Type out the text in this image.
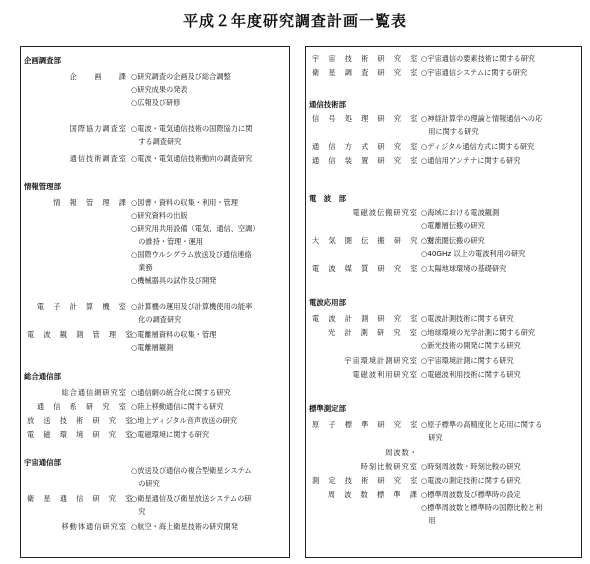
平成２年度研究調査計画一覧表
企画調査部
企　　画　　課 ○研究調査の企画及び総合調整
○研究成果の発表
○広報及び研修
国際協力調査室 ○電波・電気通信技術の国際協力に関
　する調査研究
通信技術調査室 ○電波・電気通信技術動向の調査研究
情報管理部
情　報　管　理　課 ○図書・資料の収集・利用・管理
○研究資料の出版
○研究用共用設備（電気、通信、空調）
　の維持・管理・運用
○国際ウルシグラム放送及び通信連絡
　業務
○機械器具の試作及び開発
電　子　計　算　機　室 ○計算機の運用及び計算機使用の能率
　化の調査研究
電　波　観　測　管　理　室
○電離層資料の収集・管理
○電離層観測
総合通信部
総合通信網研究室 ○通信網の統合化に関する研究
通　信　系　研　究　室 ○陸上移動通信に関する研究
放　送　技　術　研　究　室
○地上ディジタル音声放送の研究
電　磁　環　境　研　究　室
○電磁環境に関する研究
宇宙通信部
○放送及び通信の複合型衛星システム
　の研究
衛　星　通　信　研　究　室
○衛星通信及び衛星放送システムの研
　究
移動体通信研究室 ○航空・海上衛星技術の研究開発
宇　宙　技　術　研　究　室 ○宇宙通信の要素技術に関する研究
衛　星　調　査　研　究　室 ○宇宙通信システムに関する研究
通信技術部
信　号　処　理　研　究　室 ○神経計算学の理論と情報通信への応
　用に関する研究
通　信　方　式　研　究　室 ○ディジタル通信方式に関する研究
通　信　装　置　研　究　室 ○通信用アンテナに関する研究
電　波　部
電磁波伝搬研究室 ○海域における電波観測
○電離層伝搬の研究
大　気　圏　伝　搬　研　究　室
○対流圏伝搬の研究
○40GHz 以上の電波利用の研究
電　波　媒　質　研　究　室 ○太陽地球環境の基礎研究
電波応用部
電　波　計　測　研　究　室 ○電波計測技術に関する研究
光　計　測　研　究　室 ○地球環境の光学計測に関する研究
○新光技術の開発に関する研究
宇宙環境計測研究室 ○宇宙環境計測に関する研究
電磁波利用研究室 ○電磁波利用技術に関する研究
標準測定部
原　子　標　準　研　究　室 ○原子標準の高精度化と応用に関する
　研究
周波数・
時刻比較研究室 ○時刻周波数・時刻比較の研究
測　定　技　術　研　究　室 ○電波の測定技術に関する研究
周　波　数　標　準　課 ○標準周波数及び標準時の設定
○標準周波数と標準時の国際比較と利
　用
